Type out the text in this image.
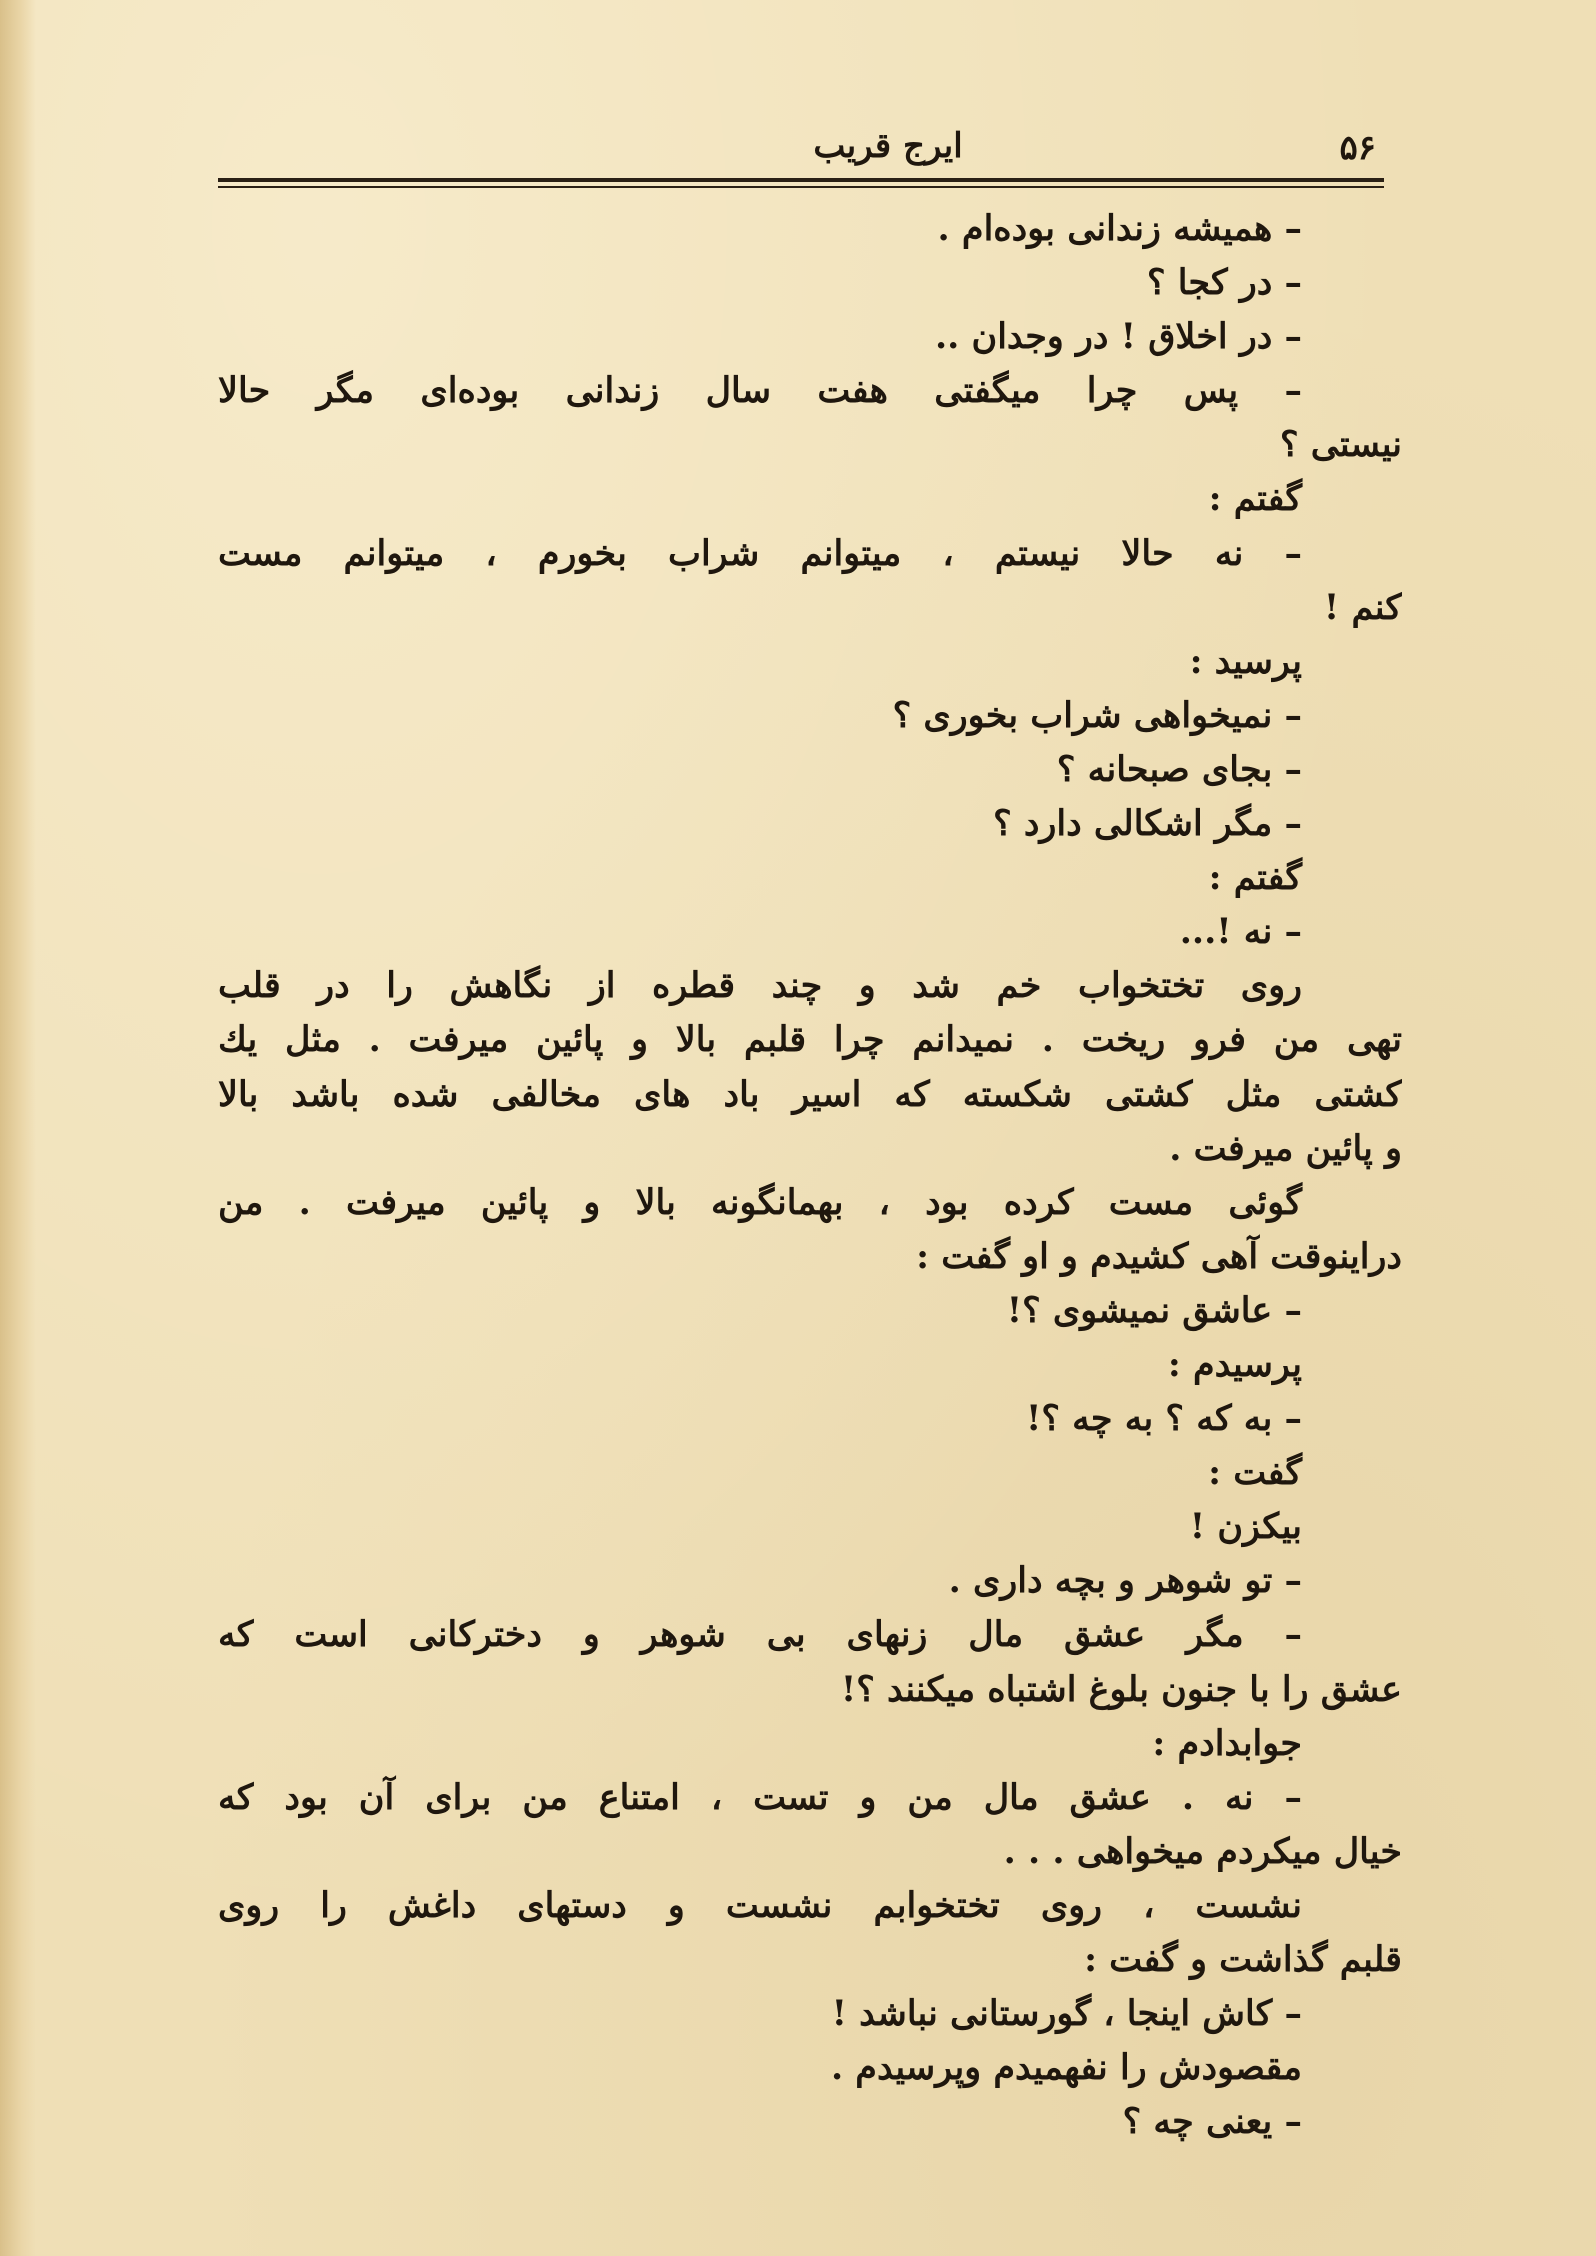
۵۶
ایرج قریب
– همیشه زندانی بوده‌ام .
– در کجا ؟
– در اخلاق ! در وجدان ..
– پس چرا میگفتی هفت سال زندانی بوده‌ای مگر حالا
نیستی ؟
گفتم :
– نه حالا نیستم ، میتوانم شراب بخورم ، میتوانم مست
کنم !
پرسید :
– نمیخواهی شراب بخوری ؟
– بجای صبحانه ؟
– مگر اشکالی دارد ؟
گفتم :
– نه !...
روی تختخواب خم شد و چند قطره از نگاهش را در قلب
تهی من فرو ریخت . نمیدانم چرا قلبم بالا و پائین میرفت . مثل یك
کشتی مثل کشتی شکسته که اسیر باد های مخالفی شده باشد بالا
و پائین میرفت .
گوئی مست کرده بود ، بهمانگونه بالا و پائین میرفت . من
دراینوقت آهی کشیدم و او گفت :
– عاشق نمیشوی ؟!
پرسیدم :
– به که ؟ به چه ؟!
گفت :
بیکزن !
– تو شوهر و بچه داری .
– مگر عشق مال زنهای بی شوهر و دخترکانی است که
عشق را با جنون بلوغ اشتباه میکنند ؟!
جوابدادم :
– نه . عشق مال من و تست ، امتناع من برای آن بود که
خیال میکردم میخواهی . . .
نشست ، روی تختخوابم نشست و دستهای داغش را روی
قلبم گذاشت و گفت :
– کاش اینجا ، گورستانی نباشد !
مقصودش را نفهمیدم وپرسیدم .
– یعنی چه ؟
